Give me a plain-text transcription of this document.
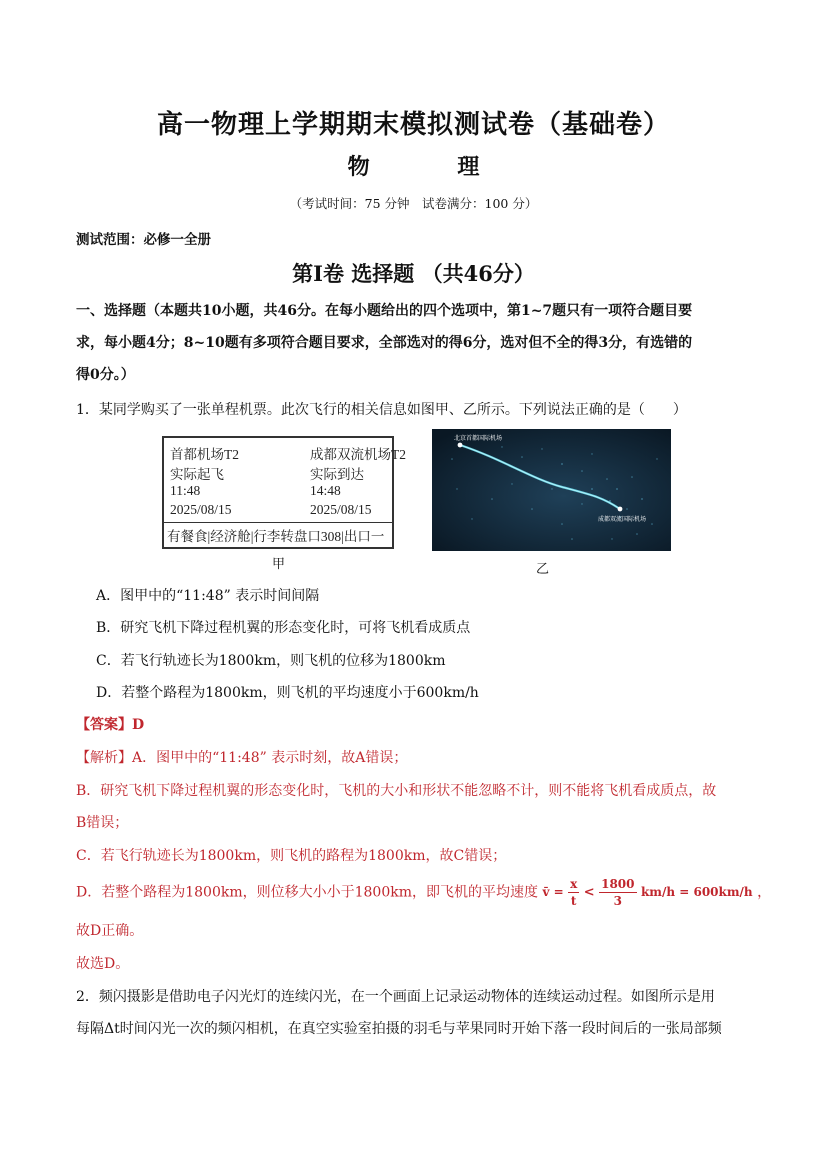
高一物理上学期期末模拟测试卷（基础卷）
物 理
（考试时间：75 分钟　试卷满分：100 分）
测试范围：必修一全册
第Ⅰ卷 选择题 （共46分）
一、选择题（本题共10小题，共46分。在每小题给出的四个选项中，第1~7题只有一项符合题目要
求，每小题4分；8~10题有多项符合题目要求，全部选对的得6分，选对但不全的得3分，有选错的
得0分。）
1．某同学购买了一张单程机票。此次飞行的相关信息如图甲、乙所示。下列说法正确的是（　　）
首都机场T2
实际起飞
11:48
2025/08/15
成都双流机场T2
实际到达
14:48
2025/08/15
有餐食|经济舱|行李转盘口308|出口一
甲
北京首都国际机场
成都双流国际机场
乙
A．图甲中的“11:48” 表示时间间隔
B．研究飞机下降过程机翼的形态变化时，可将飞机看成质点
C．若飞行轨迹长为1800km，则飞机的位移为1800km
D．若整个路程为1800km，则飞机的平均速度小于600km/h
【答案】D
【解析】A．图甲中的“11:48” 表示时刻，故A错误；
B．研究飞机下降过程机翼的形态变化时，飞机的大小和形状不能忽略不计，则不能将飞机看成质点，故
B错误；
C．若飞行轨迹长为1800km，则飞机的路程为1800km，故C错误；
D．若整个路程为1800km，则位移大小小于1800km，即飞机的平均速度 v̄ = $\frac{x}{t} < \frac{1800}{3} km/h = 600km/h$ ，
故D正确。
故选D。
2．频闪摄影是借助电子闪光灯的连续闪光，在一个画面上记录运动物体的连续运动过程。如图所示是用
每隔Δt时间闪光一次的频闪相机，在真空实验室拍摄的羽毛与苹果同时开始下落一段时间后的一张局部频
